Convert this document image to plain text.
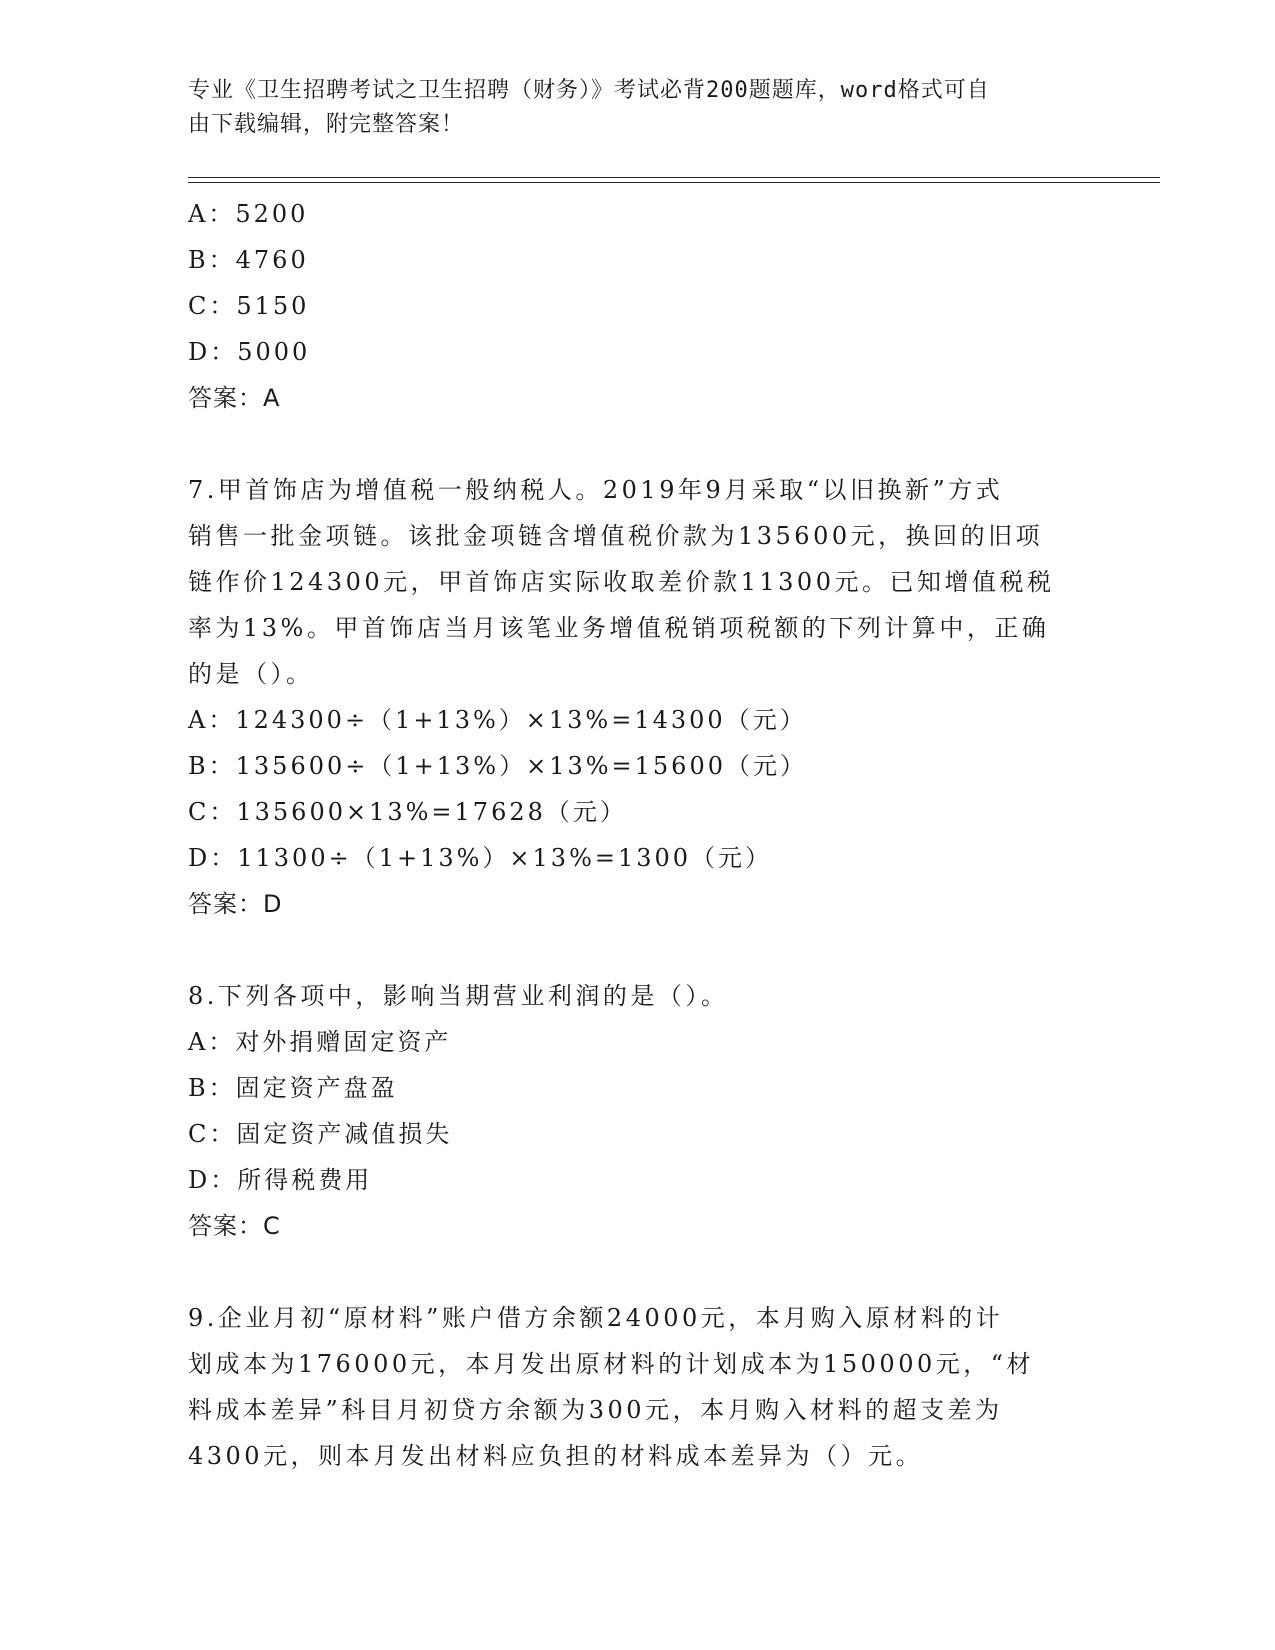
专业《卫生招聘考试之卫生招聘（财务）》考试必背200题题库，word格式可自
由下载编辑，附完整答案！
A：5200
B：4760
C：5150
D：5000
答案：A
7.甲首饰店为增值税一般纳税人。2019年9月采取“以旧换新”方式
销售一批金项链。该批金项链含增值税价款为135600元，换回的旧项
链作价124300元，甲首饰店实际收取差价款11300元。已知增值税税
率为13%。甲首饰店当月该笔业务增值税销项税额的下列计算中，正确
的是（）。
A：124300÷（1+13%）×13%=14300（元）
B：135600÷（1+13%）×13%=15600（元）
C：135600×13%=17628（元）
D：11300÷（1+13%）×13%=1300（元）
答案：D
8.下列各项中，影响当期营业利润的是（）。
A：对外捐赠固定资产
B：固定资产盘盈
C：固定资产减值损失
D：所得税费用
答案：C
9.企业月初“原材料”账户借方余额24000元，本月购入原材料的计
划成本为176000元，本月发出原材料的计划成本为150000元，“材
料成本差异”科目月初贷方余额为300元，本月购入材料的超支差为
4300元，则本月发出材料应负担的材料成本差异为（）元。
